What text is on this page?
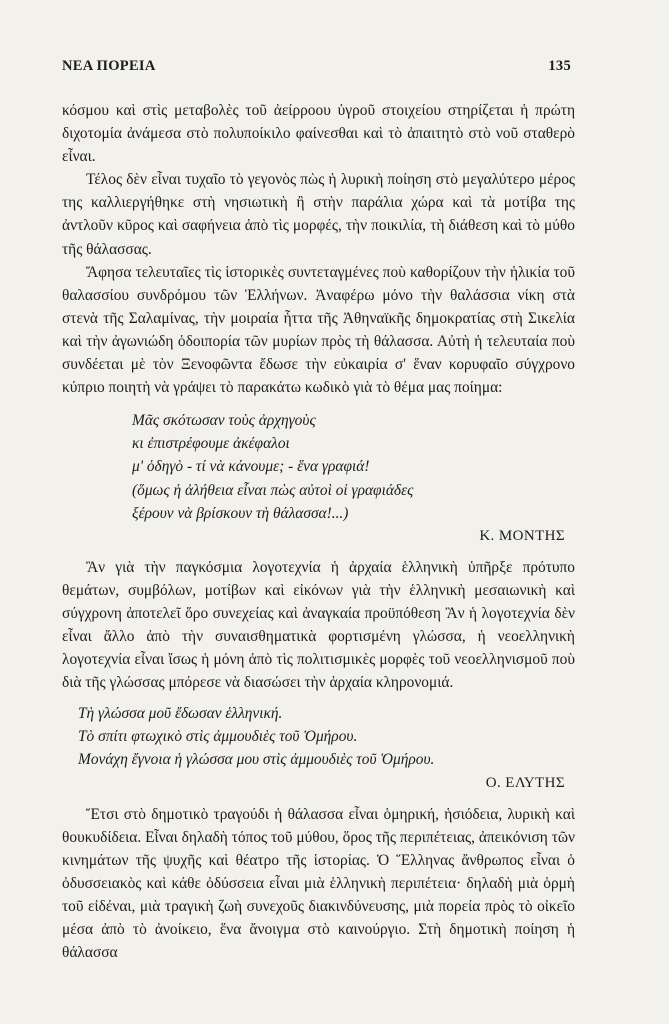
ΝΕΑ ΠΟΡΕΙΑ	135

κόσμου καὶ στὶς μεταβολὲς τοῦ ἀείρροου ὑγροῦ στοιχείου στηρίζεται ἡ πρώτη διχοτομία ἀνάμεσα στὸ πολυποίκιλο φαίνεσθαι καὶ τὸ ἀπαιτητὸ στὸ νοῦ σταθερὸ εἶναι.

Τέλος δὲν εἶναι τυχαῖο τὸ γεγονὸς πὼς ἡ λυρικὴ ποίηση στὸ μεγαλύτερο μέρος της καλλιεργήθηκε στὴ νησιωτικὴ ἢ στὴν παράλια χώρα καὶ τὰ μοτίβα της ἀντλοῦν κῦρος καὶ σαφήνεια ἀπὸ τὶς μορφές, τὴν ποικιλία, τὴ διάθεση καὶ τὸ μύθο τῆς θάλασσας.

Ἄφησα τελευταῖες τὶς ἱστορικὲς συντεταγμένες ποὺ καθορίζουν τὴν ἡλικία τοῦ θαλασσίου συνδρόμου τῶν Ἑλλήνων. Ἀναφέρω μόνο τὴν θαλάσσια νίκη στὰ στενὰ τῆς Σαλαμίνας, τὴν μοιραία ἧττα τῆς Ἀθηναϊκῆς δημοκρατίας στὴ Σικελία καὶ τὴν ἀγωνιώδη ὁδοιπορία τῶν μυρίων πρὸς τὴ θάλασσα. Αὐτὴ ἡ τελευταία ποὺ συνδέεται μὲ τὸν Ξενοφῶντα ἔδωσε τὴν εὐκαιρία σ' ἕναν κορυφαῖο σύγχρονο κύπριο ποιητὴ νὰ γράψει τὸ παρακάτω κωδικὸ γιὰ τὸ θέμα μας ποίημα:

Μᾶς σκότωσαν τοὺς ἀρχηγοὺς
κι ἐπιστρέφουμε ἀκέφαλοι
μ' ὁδηγὸ - τί νὰ κάνουμε; - ἕνα γραφιά!
(ὅμως ἡ ἀλήθεια εἶναι πὼς αὐτοὶ οἱ γραφιάδες
ξέρουν νὰ βρίσκουν τὴ θάλασσα!...)
Κ. ΜΟΝΤΗΣ

Ἂν γιὰ τὴν παγκόσμια λογοτεχνία ἡ ἀρχαία ἑλληνικὴ ὑπῆρξε πρότυπο θεμάτων, συμβόλων, μοτίβων καὶ εἰκόνων γιὰ τὴν ἑλληνικὴ μεσαιωνικὴ καὶ σύγχρονη ἀποτελεῖ ὅρο συνεχείας καὶ ἀναγκαία προϋπόθεση Ἂν ἡ λογοτεχνία δὲν εἶναι ἄλλο ἀπὸ τὴν συναισθηματικὰ φορτισμένη γλώσσα, ἡ νεοελληνικὴ λογοτεχνία εἶναι ἴσως ἡ μόνη ἀπὸ τὶς πολιτισμικὲς μορφὲς τοῦ νεοελληνισμοῦ ποὺ διὰ τῆς γλώσσας μπόρεσε νὰ διασώσει τὴν ἀρχαία κληρονομιά.

Τὴ γλώσσα μοῦ ἔδωσαν ἑλληνική.
Τὸ σπίτι φτωχικὸ στὶς ἀμμουδιὲς τοῦ Ὁμήρου.
Μονάχη ἔγνοια ἡ γλώσσα μου στὶς ἀμμουδιὲς τοῦ Ὁμήρου.
Ο. ΕΛΥΤΗΣ

Ἔτσι στὸ δημοτικὸ τραγούδι ἡ θάλασσα εἶναι ὁμηρική, ἡσιόδεια, λυρικὴ καὶ θουκυδίδεια. Εἶναι δηλαδὴ τόπος τοῦ μύθου, ὅρος τῆς περιπέτειας, ἀπεικόνιση τῶν κινημάτων τῆς ψυχῆς καὶ θέατρο τῆς ἱστορίας. Ὁ Ἕλληνας ἄνθρωπος εἶναι ὁ ὀδυσσειακὸς καὶ κάθε ὀδύσσεια εἶναι μιὰ ἑλληνικὴ περιπέτεια· δηλαδὴ μιὰ ὁρμὴ τοῦ εἰδέναι, μιὰ τραγικὴ ζωὴ συνεχοῦς διακινδύνευσης, μιὰ πορεία πρὸς τὸ οἰκεῖο μέσα ἀπὸ τὸ ἀνοίκειο, ἕνα ἄνοιγμα στὸ καινούργιο. Στὴ δημοτικὴ ποίηση ἡ θάλασσα
